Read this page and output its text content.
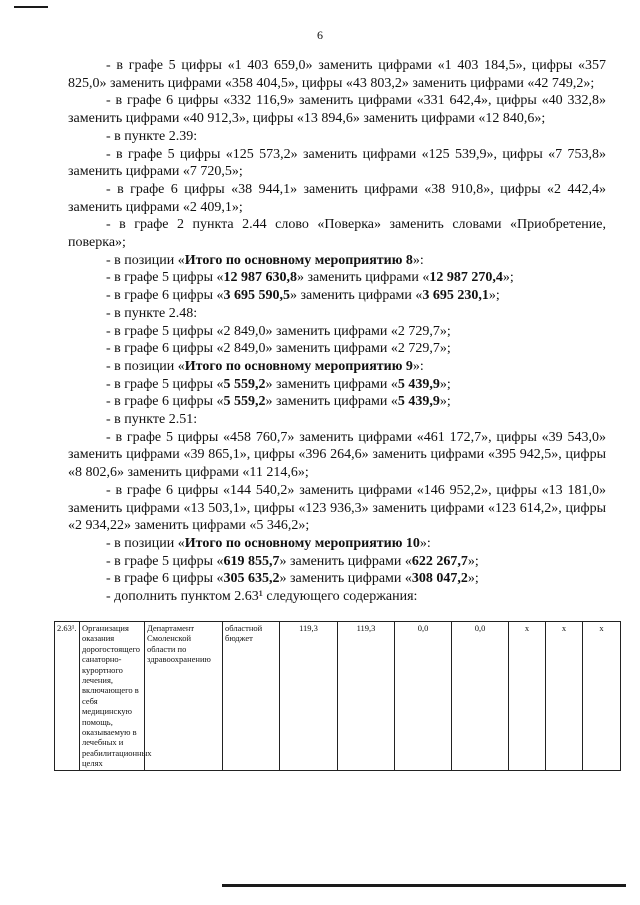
6

- в графе 5 цифры «1 403 659,0» заменить цифрами «1 403 184,5», цифры «357 825,0» заменить цифрами «358 404,5», цифры «43 803,2» заменить цифрами «42 749,2»;

- в графе 6 цифры «332 116,9» заменить цифрами «331 642,4», цифры «40 332,8» заменить цифрами «40 912,3», цифры «13 894,6» заменить цифрами «12 840,6»;

- в пункте 2.39:

- в графе 5 цифры «125 573,2» заменить цифрами «125 539,9», цифры «7 753,8» заменить цифрами «7 720,5»;

- в графе 6 цифры «38 944,1» заменить цифрами «38 910,8», цифры «2 442,4» заменить цифрами «2 409,1»;

- в графе 2 пункта 2.44 слово «Поверка» заменить словами «Приобретение, поверка»;

- в позиции «Итого по основному мероприятию 8»:

- в графе 5 цифры «12 987 630,8» заменить цифрами «12 987 270,4»;

- в графе 6 цифры «3 695 590,5» заменить цифрами «3 695 230,1»;

- в пункте 2.48:

- в графе 5 цифры «2 849,0» заменить цифрами «2 729,7»;

- в графе 6 цифры «2 849,0» заменить цифрами «2 729,7»;

- в позиции «Итого по основному мероприятию 9»:

- в графе 5 цифры «5 559,2» заменить цифрами «5 439,9»;

- в графе 6 цифры «5 559,2» заменить цифрами «5 439,9»;

- в пункте 2.51:

- в графе 5 цифры «458 760,7» заменить цифрами «461 172,7», цифры «39 543,0» заменить цифрами «39 865,1», цифры «396 264,6» заменить цифрами «395 942,5», цифры «8 802,6» заменить цифрами «11 214,6»;

- в графе 6 цифры «144 540,2» заменить цифрами «146 952,2», цифры «13 181,0» заменить цифрами «13 503,1», цифры «123 936,3» заменить цифрами «123 614,2», цифры «2 934,22» заменить цифрами «5 346,2»;

- в позиции «Итого по основному мероприятию 10»:

- в графе 5 цифры «619 855,7» заменить цифрами «622 267,7»;

- в графе 6 цифры «305 635,2» заменить цифрами «308 047,2»;

- дополнить пунктом 2.63¹ следующего содержания:

2.63¹.	Организация оказания дорогостоящего санаторно-курортного лечения, включающего в себя медицинскую помощь, оказываемую в лечебных и реабилитационных целях	Департамент Смоленской области по здравоохранению	областной бюджет	119,3	119,3	0,0	0,0	x	x	x
